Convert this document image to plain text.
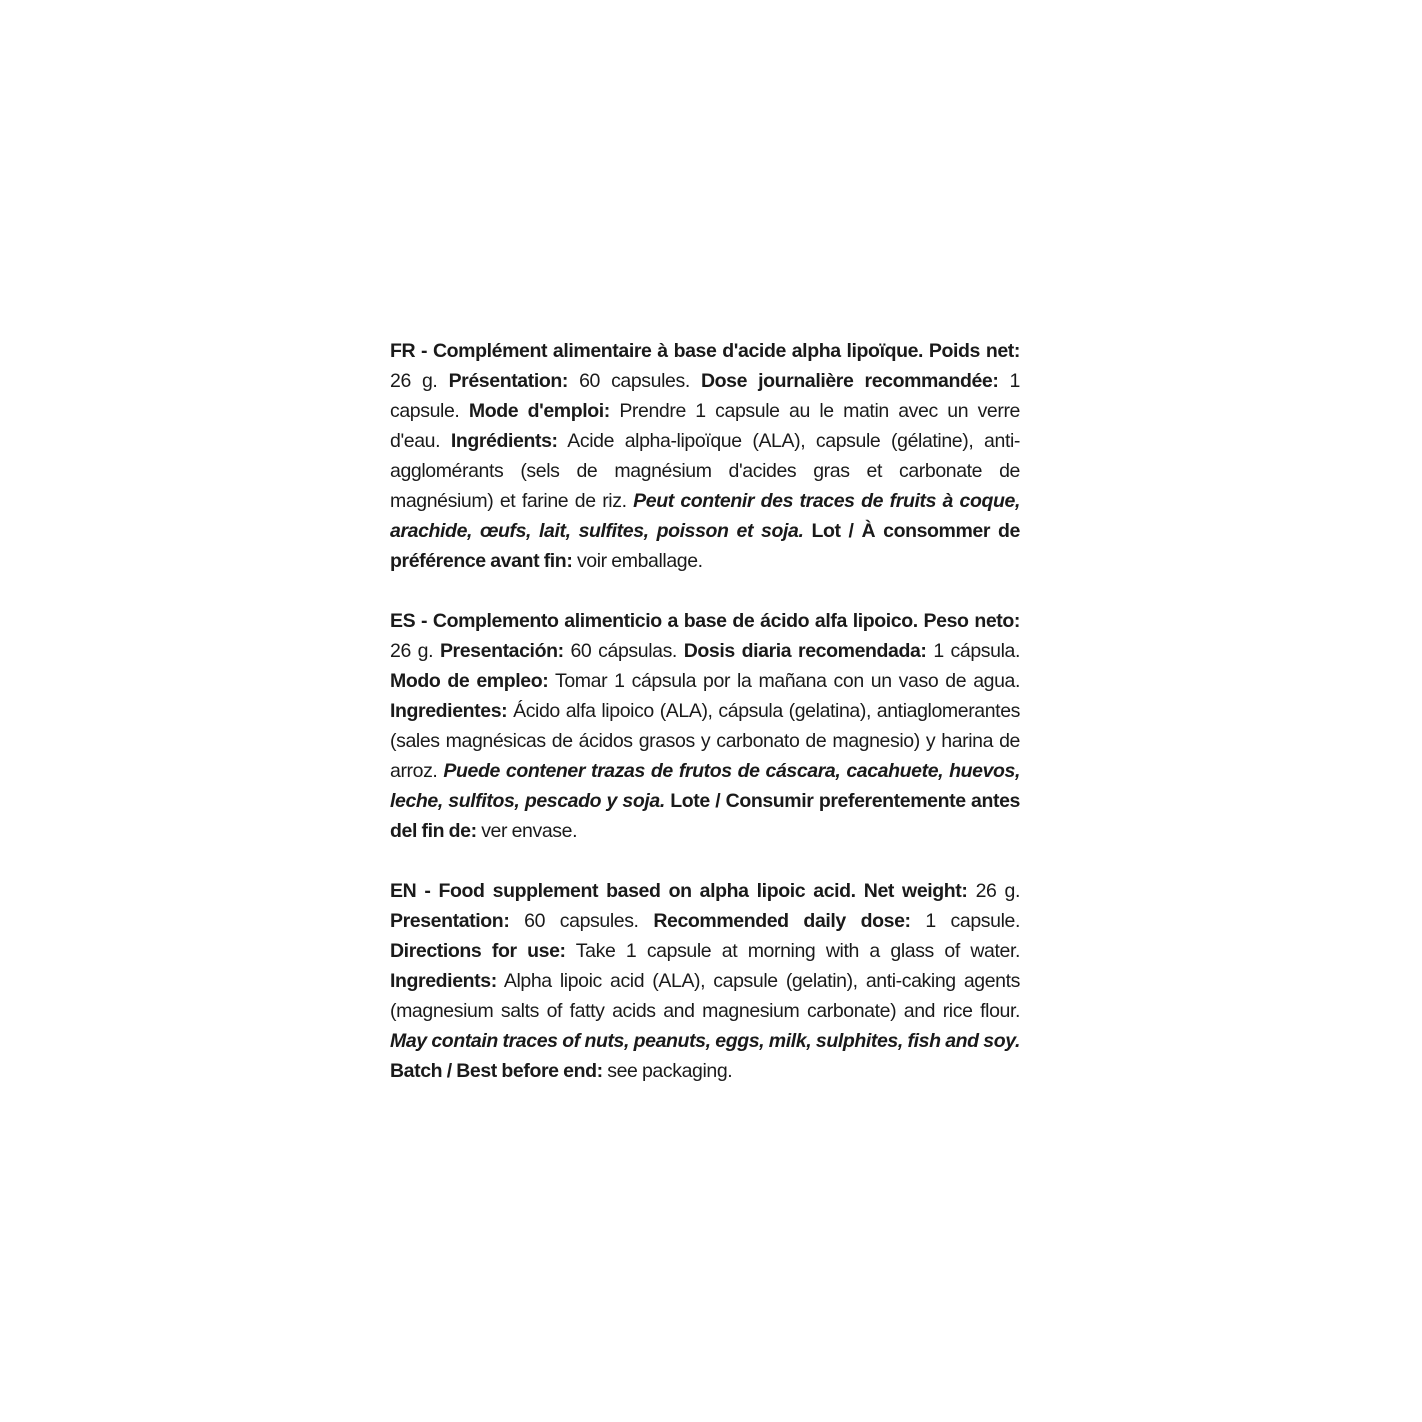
FR - Complément alimentaire à base d'acide alpha lipoïque. Poids net: 26 g. Présentation: 60 capsules. Dose journalière recommandée: 1 capsule. Mode d'emploi: Prendre 1 capsule au le matin avec un verre d'eau. Ingrédients: Acide alpha-lipoïque (ALA), capsule (gélatine), anti-agglomérants (sels de magnésium d'acides gras et carbonate de magnésium) et farine de riz. Peut contenir des traces de fruits à coque, arachide, œufs, lait, sulfites, poisson et soja. Lot / À consommer de préférence avant fin: voir emballage.

ES - Complemento alimenticio a base de ácido alfa lipoico. Peso neto: 26 g. Presentación: 60 cápsulas. Dosis diaria recomendada: 1 cápsula. Modo de empleo: Tomar 1 cápsula por la mañana con un vaso de agua. Ingredientes: Ácido alfa lipoico (ALA), cápsula (gelatina), antiaglomerantes (sales magnésicas de ácidos grasos y carbonato de magnesio) y harina de arroz. Puede contener trazas de frutos de cáscara, cacahuete, huevos, leche, sulfitos, pescado y soja. Lote / Consumir preferentemente antes del fin de: ver envase.

EN - Food supplement based on alpha lipoic acid. Net weight: 26 g. Presentation: 60 capsules. Recommended daily dose: 1 capsule. Directions for use: Take 1 capsule at morning with a glass of water. Ingredients: Alpha lipoic acid (ALA), capsule (gelatin), anti-caking agents (magnesium salts of fatty acids and magnesium carbonate) and rice flour. May contain traces of nuts, peanuts, eggs, milk, sulphites, fish and soy. Batch / Best before end: see packaging.
